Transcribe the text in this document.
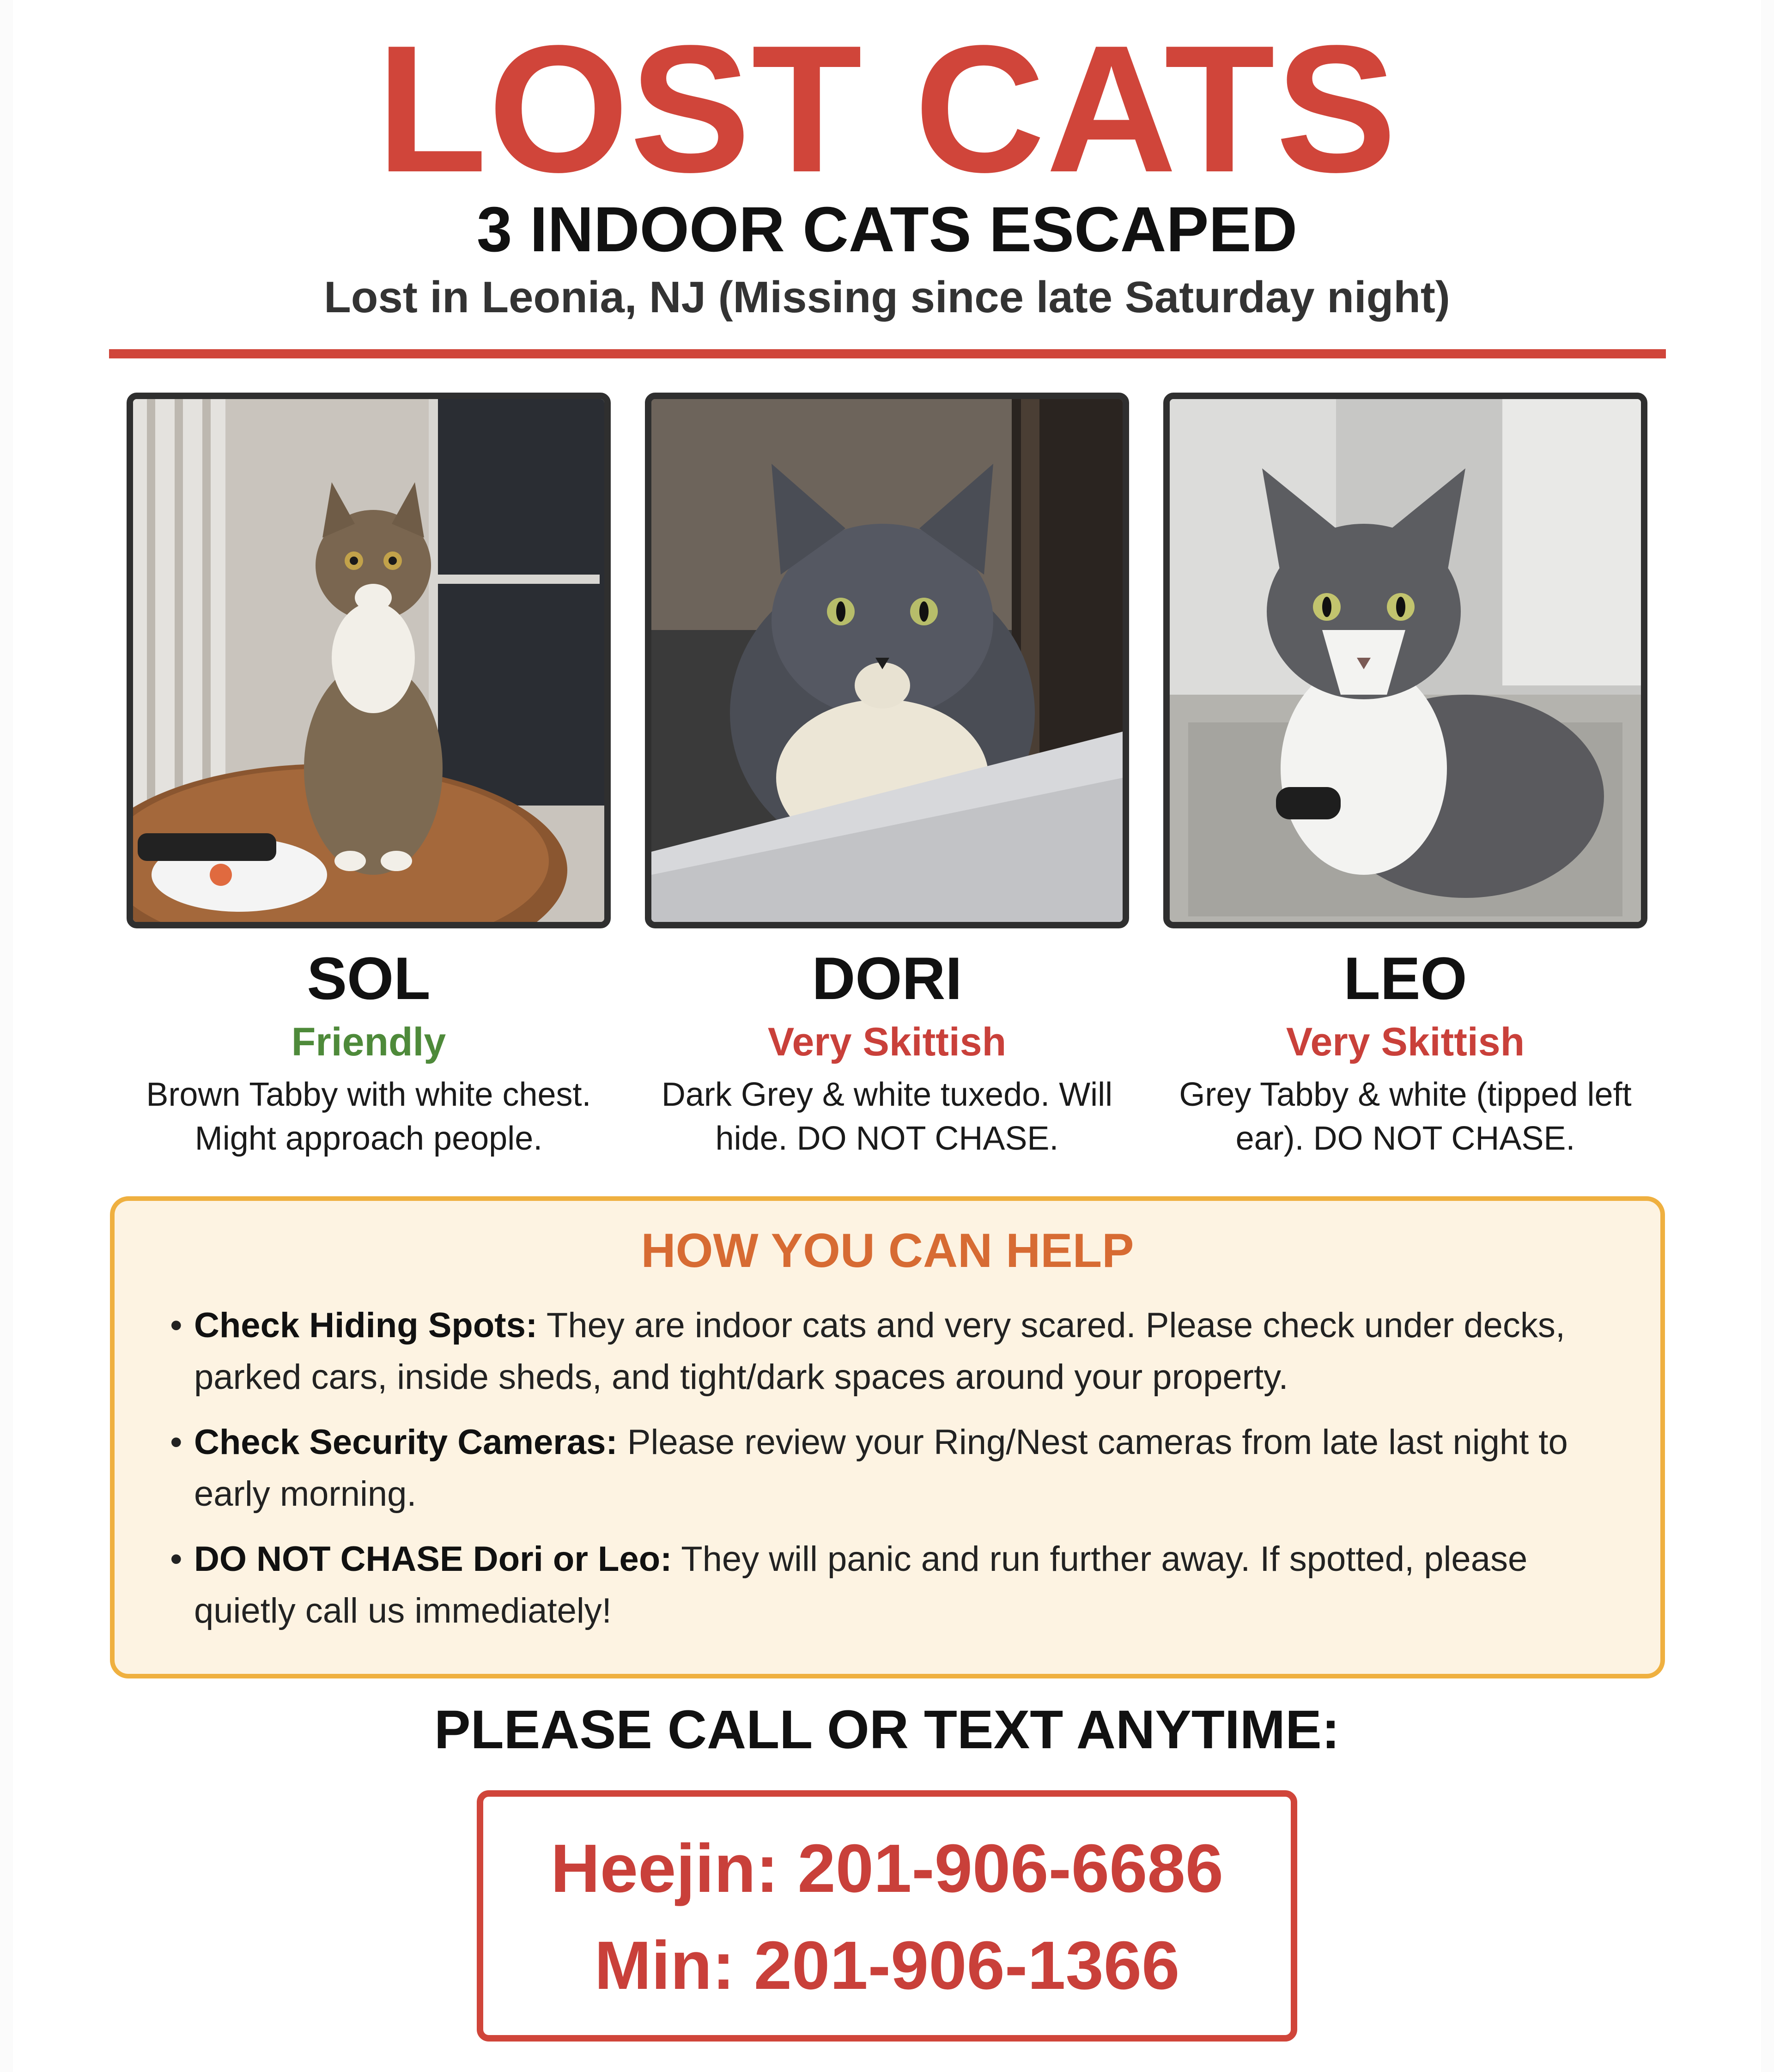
LOST CATS
3 INDOOR CATS ESCAPED
Lost in Leonia, NJ (Missing since late Saturday night)
SOL
Friendly
Brown Tabby with white chest.
Might approach people.
DORI
Very Skittish
Dark Grey & white tuxedo. Will
hide. DO NOT CHASE.
LEO
Very Skittish
Grey Tabby & white (tipped left
ear). DO NOT CHASE.
HOW YOU CAN HELP
• Check Hiding Spots: They are indoor cats and very scared. Please check under decks, parked cars, inside sheds, and tight/dark spaces around your property.
• Check Security Cameras: Please review your Ring/Nest cameras from late last night to early morning.
• DO NOT CHASE Dori or Leo: They will panic and run further away. If spotted, please quietly call us immediately!
PLEASE CALL OR TEXT ANYTIME:
Heejin: 201-906-6686
Min: 201-906-1366
